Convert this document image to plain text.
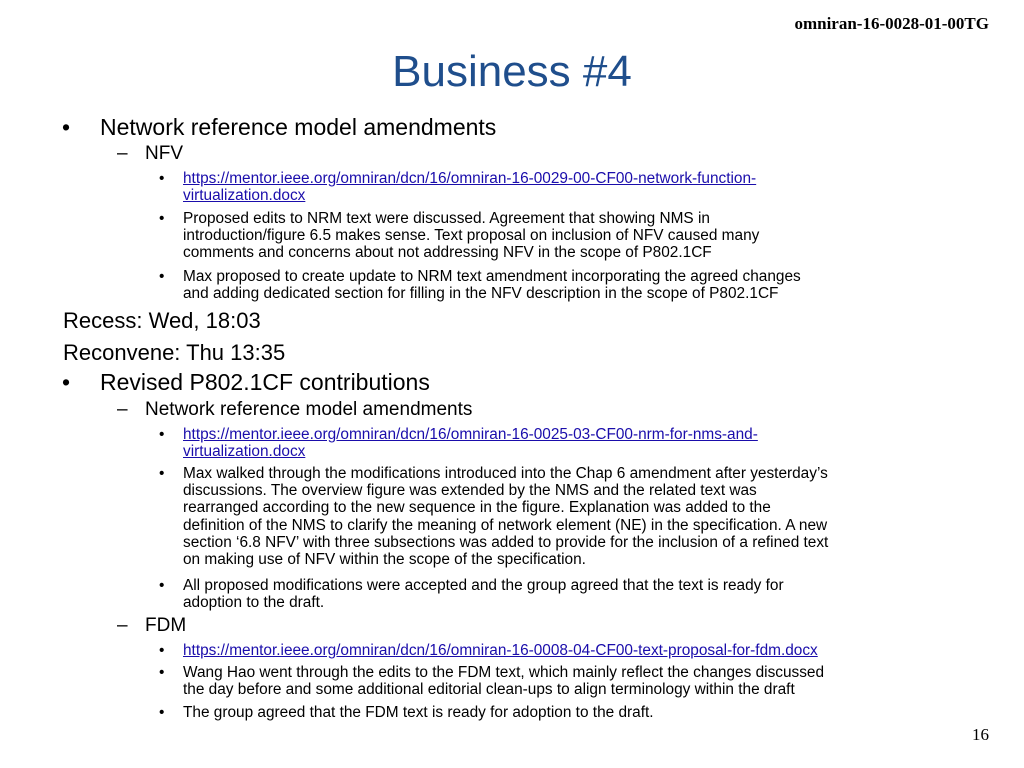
omniran-16-0028-01-00TG
Business #4
• Network reference model amendments
– NFV
• https://mentor.ieee.org/omniran/dcn/16/omniran-16-0029-00-CF00-network-function-
virtualization.docx
• Proposed edits to NRM text were discussed. Agreement that showing NMS in
introduction/figure 6.5 makes sense. Text proposal on inclusion of NFV caused many
comments and concerns about not addressing NFV in the scope of P802.1CF
• Max proposed to create update to NRM text amendment incorporating the agreed changes
and adding dedicated section for filling in the NFV description in the scope of P802.1CF
Recess: Wed, 18:03
Reconvene: Thu 13:35
• Revised P802.1CF contributions
– Network reference model amendments
• https://mentor.ieee.org/omniran/dcn/16/omniran-16-0025-03-CF00-nrm-for-nms-and-
virtualization.docx
• Max walked through the modifications introduced into the Chap 6 amendment after yesterday’s
discussions. The overview figure was extended by the NMS and the related text was
rearranged according to the new sequence in the figure. Explanation was added to the
definition of the NMS to clarify the meaning of network element (NE) in the specification. A new
section ‘6.8 NFV’ with three subsections was added to provide for the inclusion of a refined text
on making use of NFV within the scope of the specification.
• All proposed modifications were accepted and the group agreed that the text is ready for
adoption to the draft.
– FDM
• https://mentor.ieee.org/omniran/dcn/16/omniran-16-0008-04-CF00-text-proposal-for-fdm.docx
• Wang Hao went through the edits to the FDM text, which mainly reflect the changes discussed
the day before and some additional editorial clean-ups to align terminology within the draft
• The group agreed that the FDM text is ready for adoption to the draft.
16
